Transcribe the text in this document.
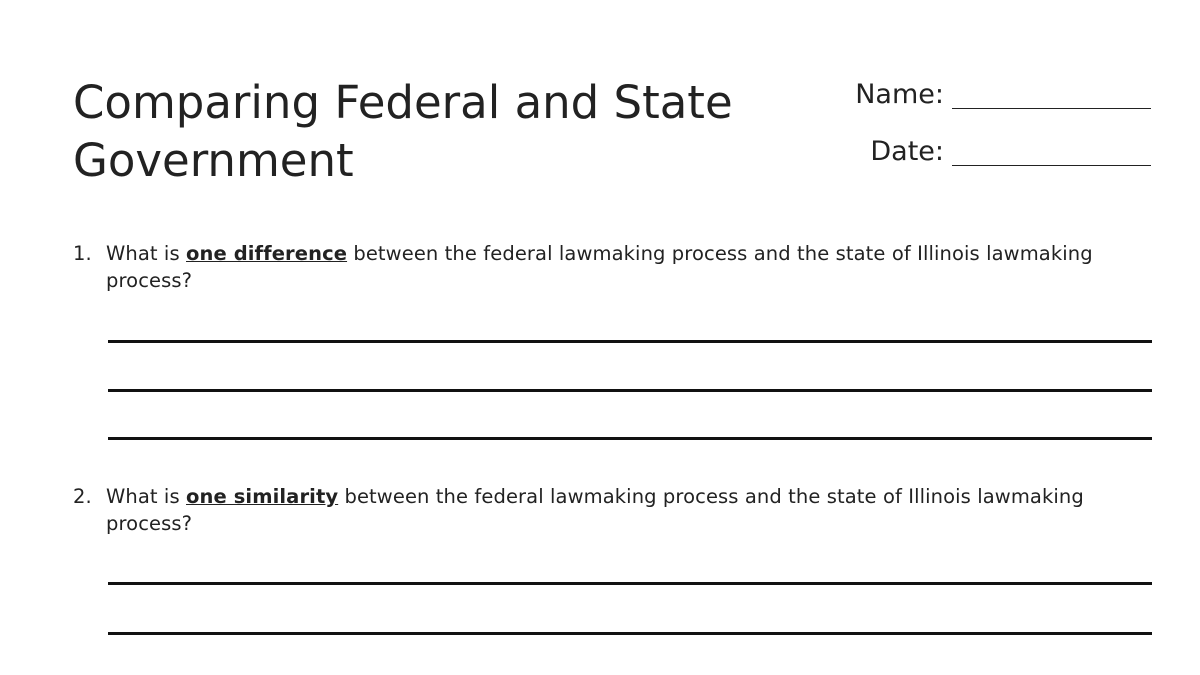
Comparing Federal and State Government
Name:
Date:
1. What is one difference between the federal lawmaking process and the state of Illinois lawmaking process?
2. What is one similarity between the federal lawmaking process and the state of Illinois lawmaking process?
